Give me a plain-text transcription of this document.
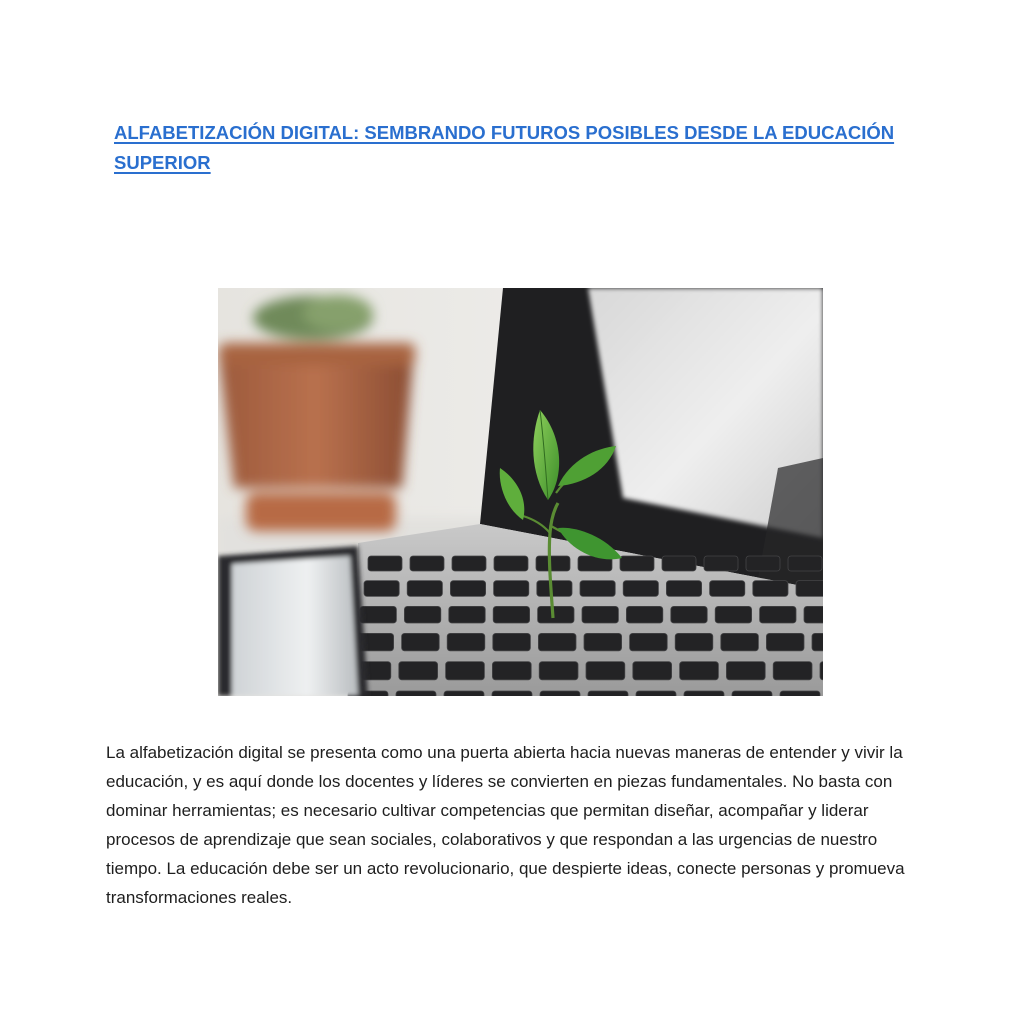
ALFABETIZACIÓN DIGITAL: SEMBRANDO FUTUROS POSIBLES DESDE LA EDUCACIÓN SUPERIOR

La alfabetización digital se presenta como una puerta abierta hacia nuevas maneras de entender y vivir la educación, y es aquí donde los docentes y líderes se convierten en piezas fundamentales. No basta con dominar herramientas; es necesario cultivar competencias que permitan diseñar, acompañar y liderar procesos de aprendizaje que sean sociales, colaborativos y que respondan a las urgencias de nuestro tiempo. La educación debe ser un acto revolucionario, que despierte ideas, conecte personas y promueva transformaciones reales.
